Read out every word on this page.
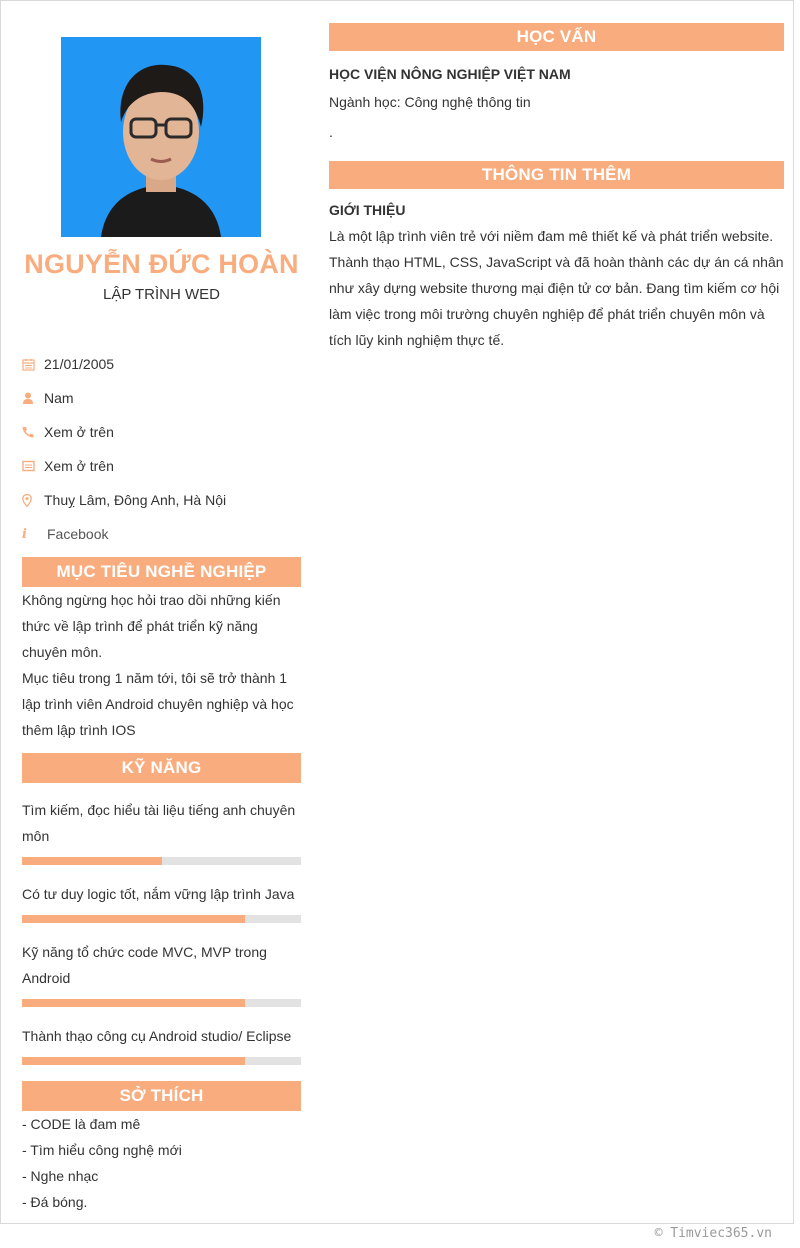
NGUYỄN ĐỨC HOÀN
LẬP TRÌNH WED
21/01/2005
Nam
Xem ở trên
Xem ở trên
Thuỵ Lâm, Đông Anh, Hà Nội
i	Facebook
MỤC TIÊU NGHỀ NGHIỆP
Không ngừng học hỏi trao dồi những kiến thức về lập trình để phát triển kỹ năng chuyên môn.
Mục tiêu trong 1 năm tới, tôi sẽ trở thành 1 lập trình viên Android chuyên nghiệp và học thêm lập trình IOS
KỸ NĂNG
Tìm kiếm, đọc hiểu tài liệu tiếng anh chuyên môn
Có tư duy logic tốt, nắm vững lập trình Java
Kỹ năng tổ chức code MVC, MVP trong Android
Thành thạo công cụ Android studio/ Eclipse
SỞ THÍCH
- CODE là đam mê
- Tìm hiểu công nghệ mới
- Nghe nhạc
- Đá bóng.
HỌC VẤN
HỌC VIỆN NÔNG NGHIỆP VIỆT NAM
Ngành học: Công nghệ thông tin
.
THÔNG TIN THÊM
GIỚI THIỆU
Là một lập trình viên trẻ với niềm đam mê thiết kế và phát triển website. Thành thạo HTML, CSS, JavaScript và đã hoàn thành các dự án cá nhân như xây dựng website thương mại điện tử cơ bản. Đang tìm kiếm cơ hội làm việc trong môi trường chuyên nghiệp để phát triển chuyên môn và tích lũy kinh nghiệm thực tế.
© Timviec365.vn
